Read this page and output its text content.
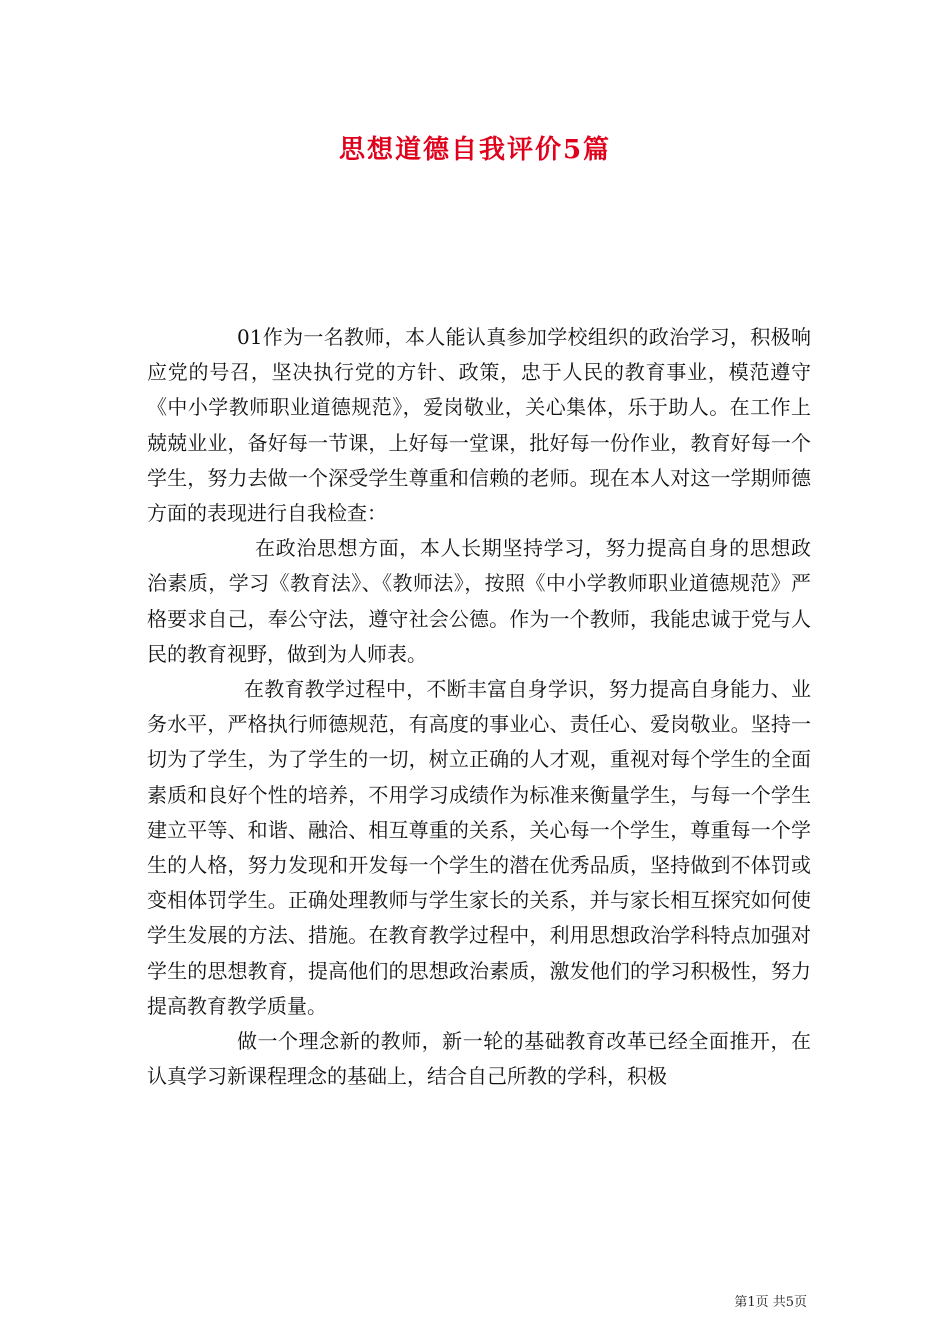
思想道德自我评价5篇

01作为一名教师，本人能认真参加学校组织的政治学习，积极响应党的号召，坚决执行党的方针、政策，忠于人民的教育事业，模范遵守《中小学教师职业道德规范》，爱岗敬业，关心集体，乐于助人。在工作上兢兢业业，备好每一节课，上好每一堂课，批好每一份作业，教育好每一个学生，努力去做一个深受学生尊重和信赖的老师。现在本人对这一学期师德方面的表现进行自我检查：

在政治思想方面，本人长期坚持学习，努力提高自身的思想政治素质，学习《教育法》、《教师法》，按照《中小学教师职业道德规范》严格要求自己，奉公守法，遵守社会公德。作为一个教师，我能忠诚于党与人民的教育视野，做到为人师表。

在教育教学过程中，不断丰富自身学识，努力提高自身能力、业务水平，严格执行师德规范，有高度的事业心、责任心、爱岗敬业。坚持一切为了学生，为了学生的一切，树立正确的人才观，重视对每个学生的全面素质和良好个性的培养，不用学习成绩作为标准来衡量学生，与每一个学生建立平等、和谐、融洽、相互尊重的关系，关心每一个学生，尊重每一个学生的人格，努力发现和开发每一个学生的潜在优秀品质，坚持做到不体罚或变相体罚学生。正确处理教师与学生家长的关系，并与家长相互探究如何使学生发展的方法、措施。在教育教学过程中，利用思想政治学科特点加强对学生的思想教育，提高他们的思想政治素质，激发他们的学习积极性，努力提高教育教学质量。

做一个理念新的教师，新一轮的基础教育改革已经全面推开，在认真学习新课程理念的基础上，结合自己所教的学科，积极

第1页 共5页
